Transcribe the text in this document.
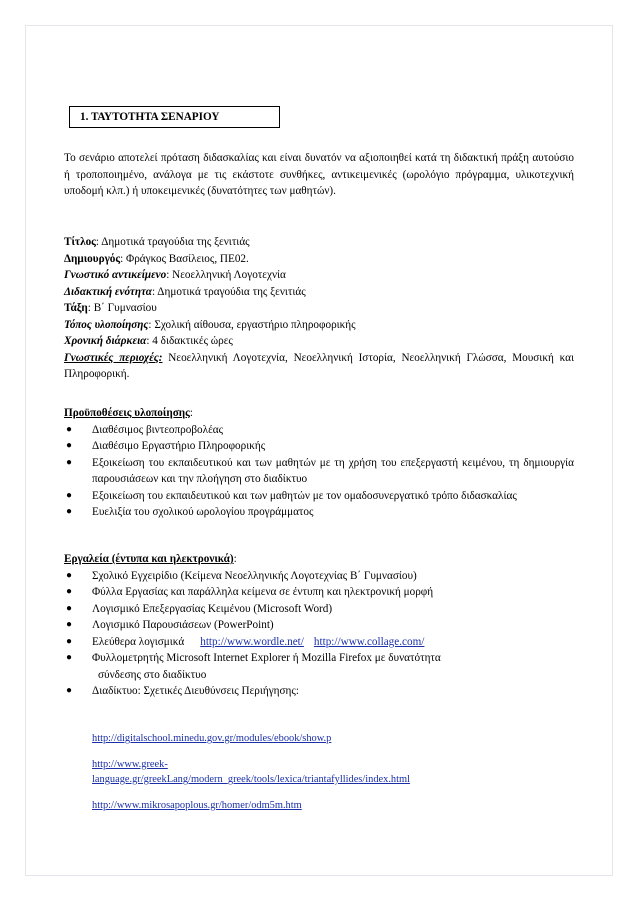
1. ΤΑΥΤΟΤΗΤΑ ΣΕΝΑΡΙΟΥ
Το σενάριο αποτελεί πρόταση διδασκαλίας και είναι δυνατόν να αξιοποιηθεί κατά τη διδακτική πράξη αυτούσιο ή τροποποιημένο, ανάλογα με τις εκάστοτε συνθήκες, αντικειμενικές (ωρολόγιο πρόγραμμα, υλικοτεχνική υποδομή κλπ.) ή υποκειμενικές (δυνατότητες των μαθητών).
Τίτλος: Δημοτικά τραγούδια της ξενιτιάς
Δημιουργός: Φράγκος Βασίλειος, ΠΕ02.
Γνωστικό αντικείμενο: Νεοελληνική Λογοτεχνία
Διδακτική ενότητα: Δημοτικά τραγούδια της ξενιτιάς
Τάξη: Β΄ Γυμνασίου
Τόπος υλοποίησης: Σχολική αίθουσα, εργαστήριο πληροφορικής
Χρονική διάρκεια: 4 διδακτικές ώρες
Γνωστικές περιοχές: Νεοελληνική Λογοτεχνία, Νεοελληνική Ιστορία, Νεοελληνική Γλώσσα, Μουσική και Πληροφορική.
Προϋποθέσεις υλοποίησης:
● Διαθέσιμος βιντεοπροβολέας
● Διαθέσιμο Εργαστήριο Πληροφορικής
● Εξοικείωση του εκπαιδευτικού και των μαθητών με τη χρήση του επεξεργαστή κειμένου, τη δημιουργία παρουσιάσεων και την πλοήγηση στο διαδίκτυο
● Εξοικείωση του εκπαιδευτικού και των μαθητών με τον ομαδοσυνεργατικό τρόπο διδασκαλίας
● Ευελιξία του σχολικού ωρολογίου προγράμματος
Εργαλεία (έντυπα και ηλεκτρονικά):
● Σχολικό Εγχειρίδιο (Κείμενα Νεοελληνικής Λογοτεχνίας Β΄ Γυμνασίου)
● Φύλλα Εργασίας και παράλληλα κείμενα σε έντυπη και ηλεκτρονική μορφή
● Λογισμικό Επεξεργασίας Κειμένου (Microsoft Word)
● Λογισμικό Παρουσιάσεων (PowerPoint)
● Ελεύθερα λογισμικά http://www.wordle.net/ http://www.collage.com/
● Φυλλομετρητής Microsoft Internet Explorer ή Mozilla Firefox με δυνατότητα
σύνδεσης στο διαδίκτυο
● Διαδίκτυο: Σχετικές Διευθύνσεις Περιήγησης:
http://digitalschool.minedu.gov.gr/modules/ebook/show.p
http://www.greek-
language.gr/greekLang/modern_greek/tools/lexica/triantafyllides/index.html
http://www.mikrosapoplous.gr/homer/odm5m.htm
